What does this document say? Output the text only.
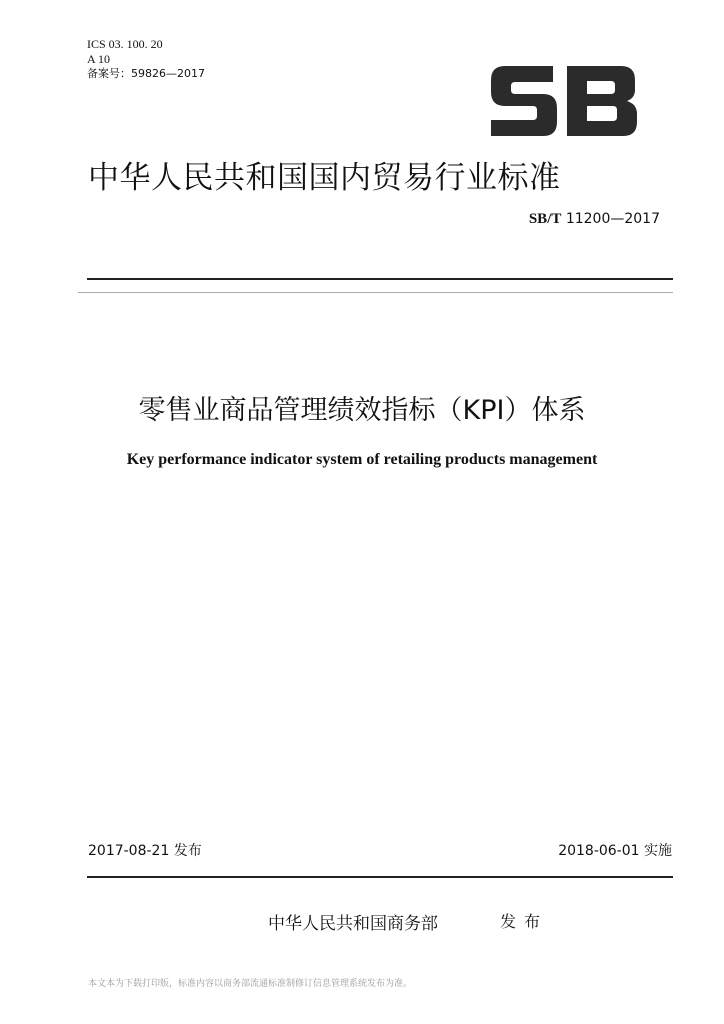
ICS 03. 100. 20
A 10
备案号：59826—2017
中华人民共和国国内贸易行业标准
SB/T 11200—2017
零售业商品管理绩效指标（KPI）体系
Key performance indicator system of retailing products management
2017-08-21 发布	2018-06-01 实施
中华人民共和国商务部	发布
本文本为下载打印版，标准内容以商务部流通标准制修订信息管理系统发布为准。
